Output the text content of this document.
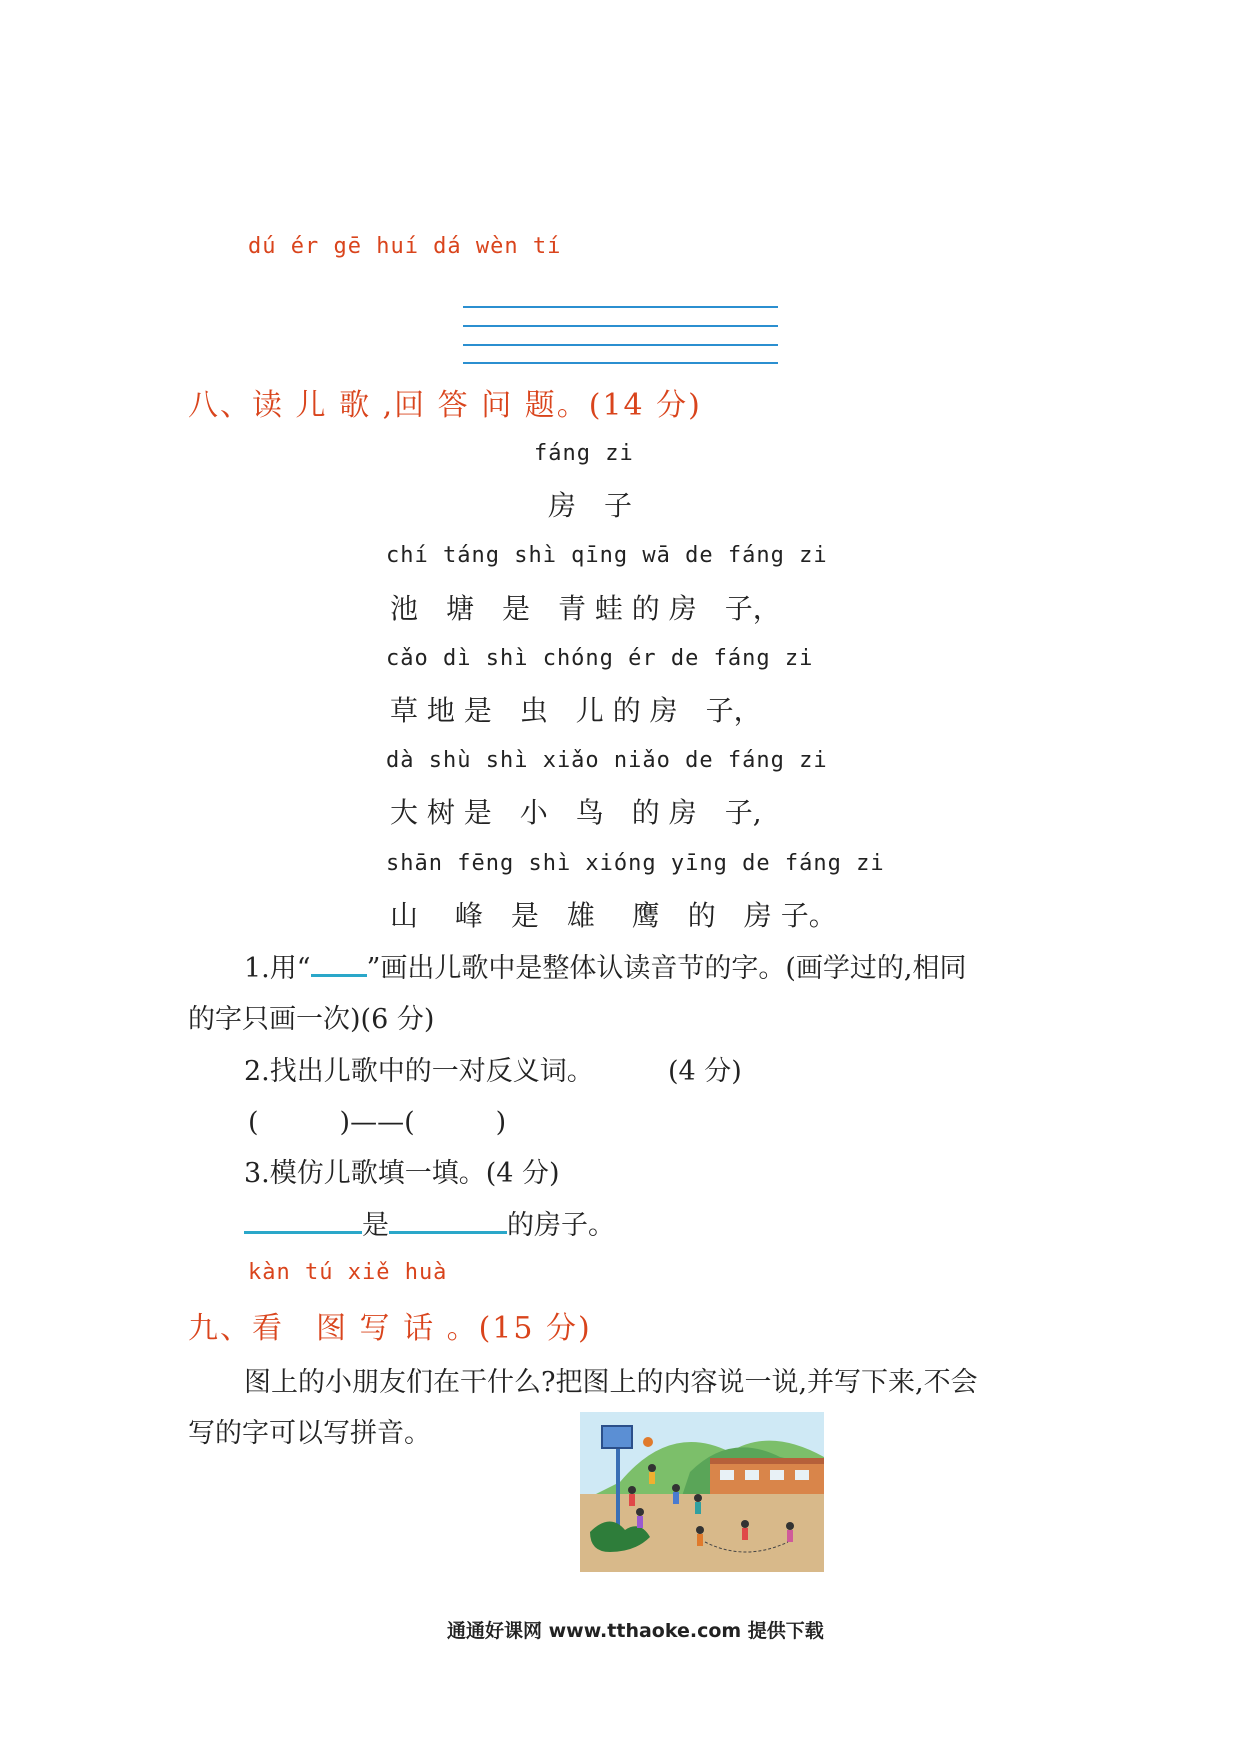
dú ér gē huí dá wèn tí
八、读 儿 歌 ,回 答 问 题。(14 分)
fáng zi
房　子
chí táng shì qīng wā de fáng zi
池　塘　是　青 蛙 的 房　子，
cǎo dì shì chóng ér de fáng zi
草 地 是　虫　儿 的 房　子，
dà shù shì xiǎo niǎo de fáng zi
大 树 是　小　鸟　的 房　子,
shān fēng shì xióng yīng de fáng zi
山　 峰　是　雄　 鹰　的　房 子。
1.用“ ”画出儿歌中是整体认读音节的字。(画学过的,相同
的字只画一次)(6 分)
2.找出儿歌中的一对反义词。	(4 分)
(　　　)——(　　　)
3.模仿儿歌填一填。(4 分)
是	的房子。
kàn tú xiě huà
九、看　图 写 话 。(15 分)
图上的小朋友们在干什么?把图上的内容说一说,并写下来,不会
写的字可以写拼音。
通通好课网 www.tthaoke.com 提供下载
